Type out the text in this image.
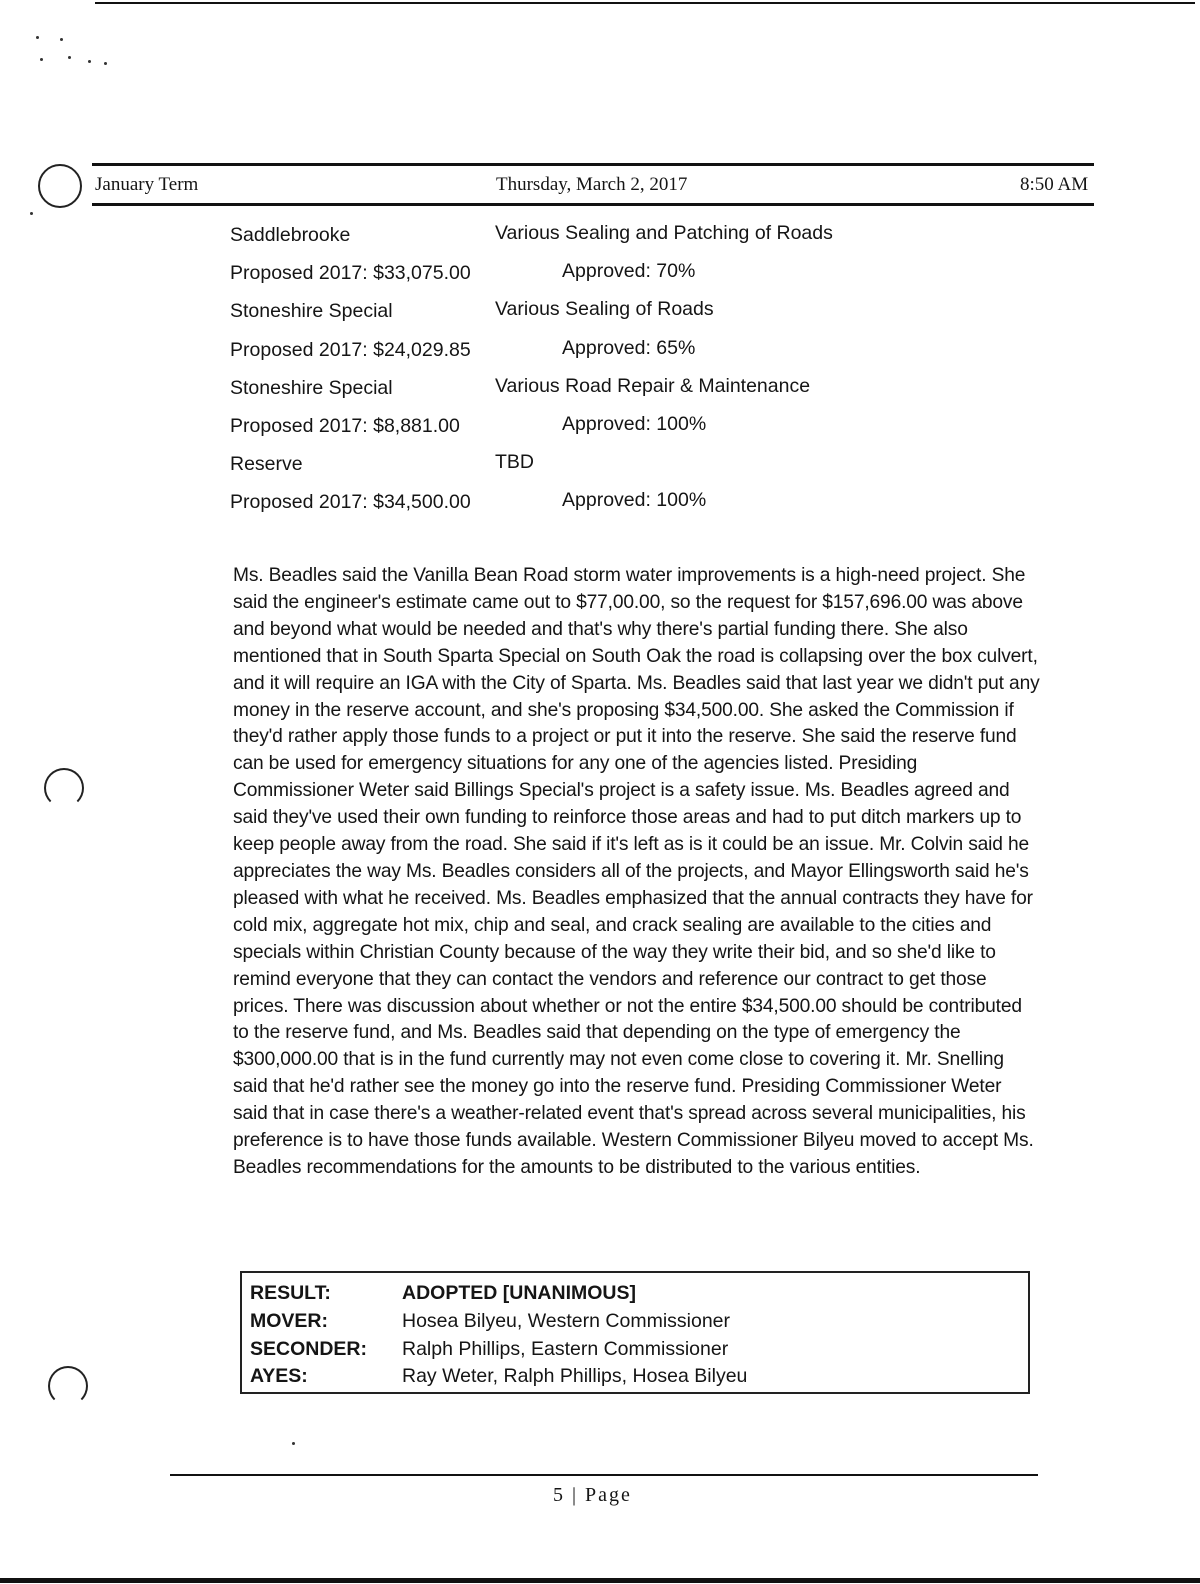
January Term	Thursday, March 2, 2017	8:50 AM
Saddlebrooke	Various Sealing and Patching of Roads
Proposed 2017: $33,075.00	Approved: 70%
Stoneshire Special	Various Sealing of Roads
Proposed 2017: $24,029.85	Approved: 65%
Stoneshire Special	Various Road Repair & Maintenance
Proposed 2017: $8,881.00	Approved: 100%
Reserve	TBD
Proposed 2017: $34,500.00	Approved: 100%

Ms. Beadles said the Vanilla Bean Road storm water improvements is a high-need project. She said the engineer's estimate came out to $77,00.00, so the request for $157,696.00 was above and beyond what would be needed and that's why there's partial funding there. She also mentioned that in South Sparta Special on South Oak the road is collapsing over the box culvert, and it will require an IGA with the City of Sparta. Ms. Beadles said that last year we didn't put any money in the reserve account, and she's proposing $34,500.00. She asked the Commission if they'd rather apply those funds to a project or put it into the reserve. She said the reserve fund can be used for emergency situations for any one of the agencies listed. Presiding Commissioner Weter said Billings Special's project is a safety issue. Ms. Beadles agreed and said they've used their own funding to reinforce those areas and had to put ditch markers up to keep people away from the road. She said if it's left as is it could be an issue. Mr. Colvin said he appreciates the way Ms. Beadles considers all of the projects, and Mayor Ellingsworth said he's pleased with what he received. Ms. Beadles emphasized that the annual contracts they have for cold mix, aggregate hot mix, chip and seal, and crack sealing are available to the cities and specials within Christian County because of the way they write their bid, and so she'd like to remind everyone that they can contact the vendors and reference our contract to get those prices. There was discussion about whether or not the entire $34,500.00 should be contributed to the reserve fund, and Ms. Beadles said that depending on the type of emergency the $300,000.00 that is in the fund currently may not even come close to covering it. Mr. Snelling said that he'd rather see the money go into the reserve fund. Presiding Commissioner Weter said that in case there's a weather-related event that's spread across several municipalities, his preference is to have those funds available. Western Commissioner Bilyeu moved to accept Ms. Beadles recommendations for the amounts to be distributed to the various entities.

RESULT:	ADOPTED [UNANIMOUS]
MOVER:	Hosea Bilyeu, Western Commissioner
SECONDER: Ralph Phillips, Eastern Commissioner
AYES:	Ray Weter, Ralph Phillips, Hosea Bilyeu
5 | Page
